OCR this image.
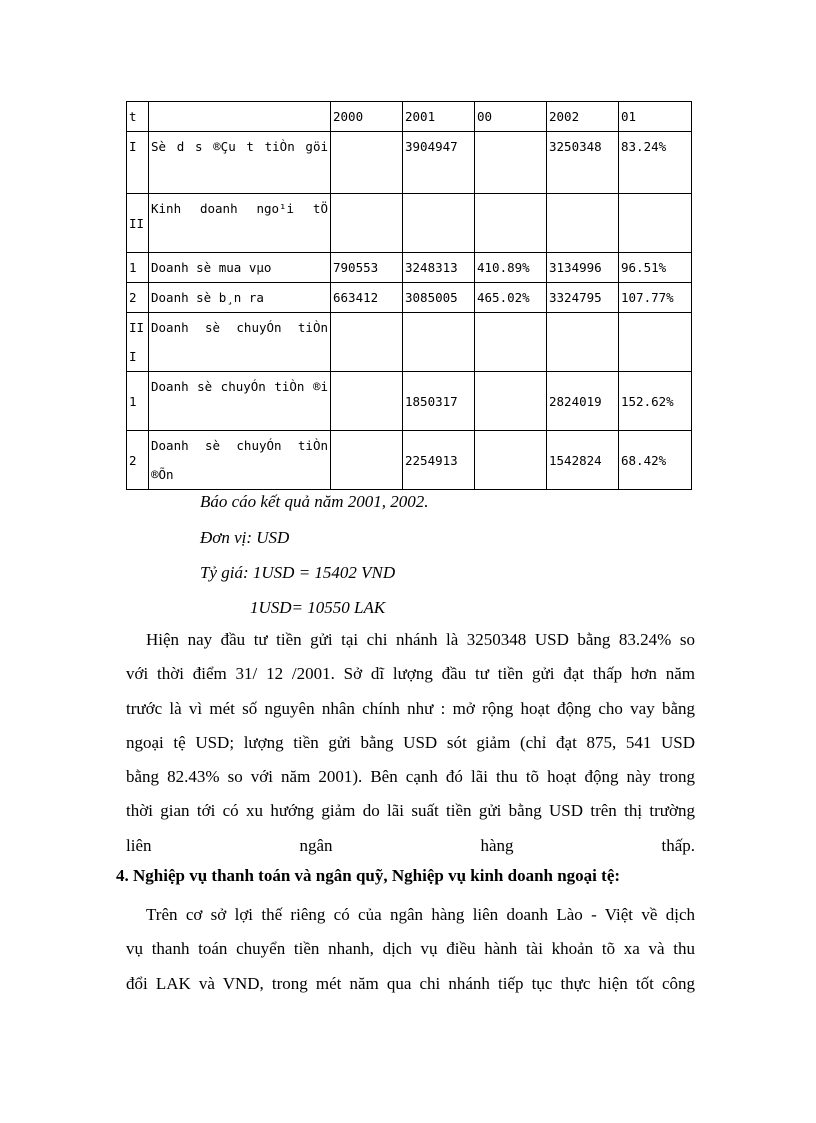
t		2000	2001	00	2002	01
I	Sè d s ®Çu t tiÒn göi		3904947		3250348	83.24%
II	Kinh doanh ngo¹i tÖ					
1	Doanh sè mua vµo	790553	3248313	410.89%	3134996	96.51%
2	Doanh sè b¸n ra	663412	3085005	465.02%	3324795	107.77%
III	Doanh sè chuyÓn tiÒn					
1	Doanh sè chuyÓn tiÒn ®i		1850317		2824019	152.62%
2	Doanh sè chuyÓn tiÒn ®Õn		2254913		1542824	68.42%
Báo cáo kết quả năm 2001, 2002.
Đơn vị: USD
Tỷ giá: 1USD = 15402 VND
1USD= 10550 LAK
Hiện nay đầu tư tiền gửi tại chi nhánh là 3250348 USD bằng 83.24% so
với thời điểm 31/ 12 /2001. Sở dĩ lượng đầu tư tiền gửi đạt thấp hơn năm
trước là vì mét số nguyên nhân chính như : mở rộng hoạt động cho vay bằng
ngoại tệ USD; lượng tiền gửi bằng USD sót giảm (chỉ đạt 875, 541 USD
bằng 82.43% so với năm 2001). Bên cạnh đó lãi thu tõ hoạt động này trong
thời gian tới có xu hướng giảm do lãi suất tiền gửi bằng USD trên thị trường
liên ngân hàng thấp.
4. Nghiệp vụ thanh toán và ngân quỹ, Nghiệp vụ kinh doanh ngoại tệ:
Trên cơ sở lợi thế riêng có của ngân hàng liên doanh Lào - Việt về dịch
vụ thanh toán chuyển tiền nhanh, dịch vụ điều hành tài khoản tõ xa và thu
đổi LAK và VND, trong mét năm qua chi nhánh tiếp tục thực hiện tốt công
